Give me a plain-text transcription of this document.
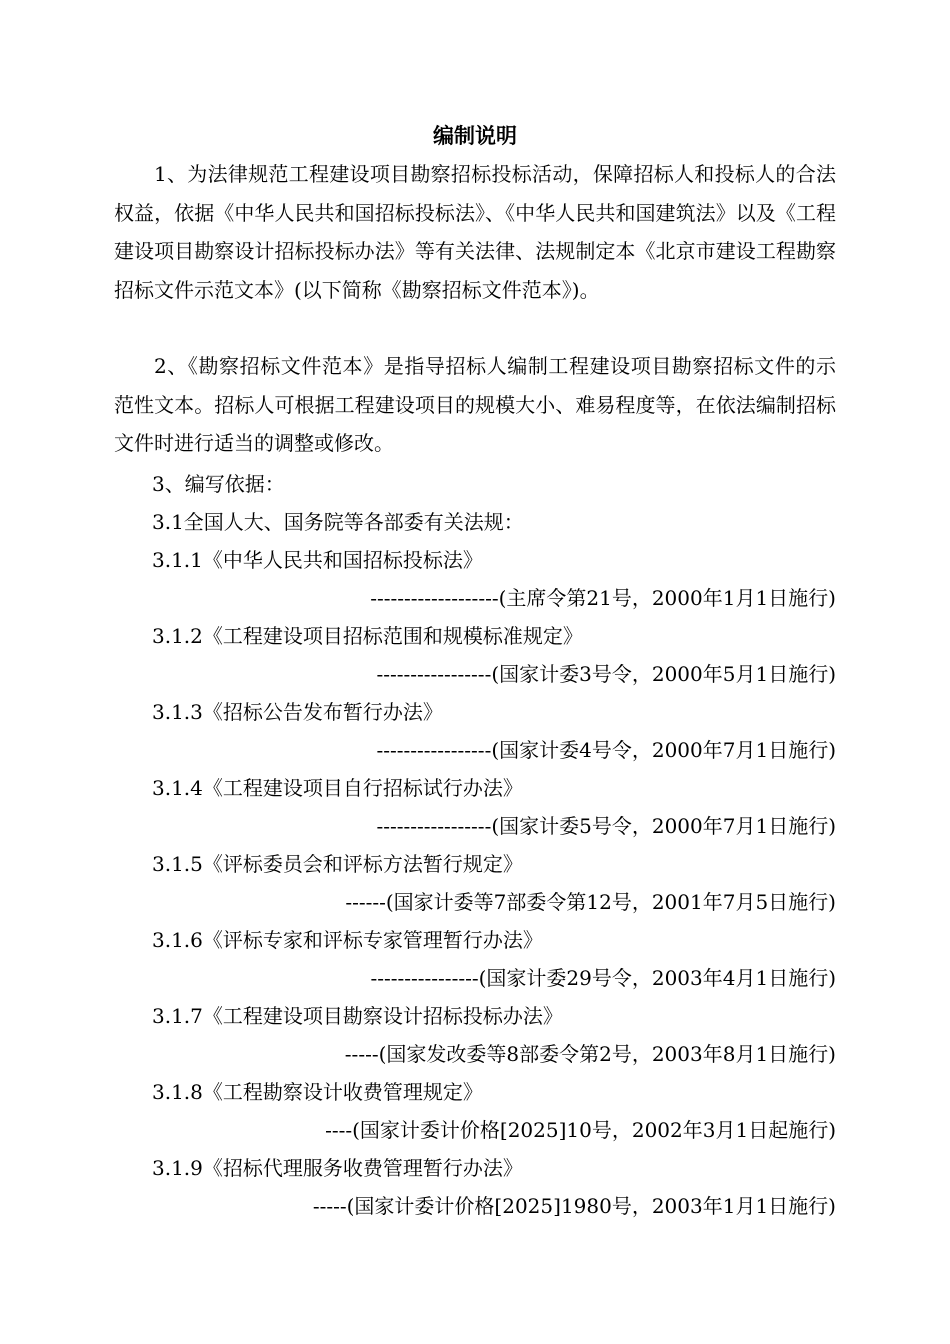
编制说明

1、为法律规范工程建设项目勘察招标投标活动，保障招标人和投标人的合法权益，依据《中华人民共和国招标投标法》、《中华人民共和国建筑法》以及《工程建设项目勘察设计招标投标办法》等有关法律、法规制定本《北京市建设工程勘察招标文件示范文本》(以下简称《勘察招标文件范本》)。

2、《勘察招标文件范本》是指导招标人编制工程建设项目勘察招标文件的示范性文本。招标人可根据工程建设项目的规模大小、难易程度等，在依法编制招标文件时进行适当的调整或修改。

3、编写依据：
3.1全国人大、国务院等各部委有关法规：
3.1.1《中华人民共和国招标投标法》
-------------------(主席令第21号，2000年1月1日施行)
3.1.2《工程建设项目招标范围和规模标准规定》
-----------------(国家计委3号令，2000年5月1日施行)
3.1.3《招标公告发布暂行办法》
-----------------(国家计委4号令，2000年7月1日施行)
3.1.4《工程建设项目自行招标试行办法》
-----------------(国家计委5号令，2000年7月1日施行)
3.1.5《评标委员会和评标方法暂行规定》
------(国家计委等7部委令第12号，2001年7月5日施行)
3.1.6《评标专家和评标专家管理暂行办法》
----------------(国家计委29号令，2003年4月1日施行)
3.1.7《工程建设项目勘察设计招标投标办法》
-----(国家发改委等8部委令第2号，2003年8月1日施行)
3.1.8《工程勘察设计收费管理规定》
----(国家计委计价格[2025]10号，2002年3月1日起施行)
3.1.9《招标代理服务收费管理暂行办法》
-----(国家计委计价格[2025]1980号，2003年1月1日施行)
